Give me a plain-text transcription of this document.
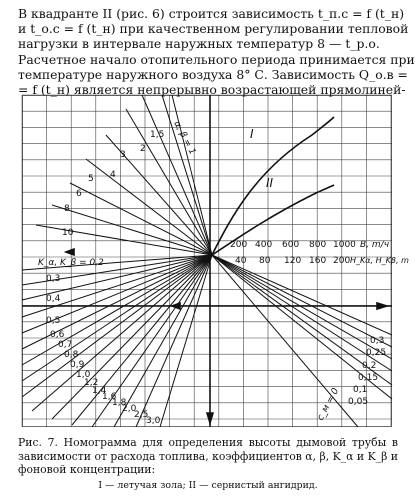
В квадранте II (рис. 6) строится зависимость t_п.с = f (t_н)
и t_о.с = f (t_н) при качественном регулировании тепловой
нагрузки в интервале наружных температур 8 — t_р.о.
Расчетное начало отопительного периода принимается при
температуре наружного воздуха 8° С. Зависимость Q_о.в =
= f (t_н) является непрерывно возрастающей прямолиней-
I
II
200 400 600 800 1000 B, m/ч
40 80 120 160 200 H_Kα, H_Kβ, m
α, β = 1
1,5
2
3
4
5
6
8
10
K_α, K_β = 0,2
0,3
0,4
0,5
0,6
0,7
0,8
0,9
1,0
1,2
1,4
1,6
1,8
2,0
2,5
3,0	c_м = 0
0,3
0,25
0,2
0,15
0,1
0,05

Рис. 7. Номограмма для определения высоты дымовой трубы в зависимости от расхода топлива, коэффициентов α, β, K_α и K_β и фоновой концентрации:
I — летучая зола; II — сернистый ангидрид.
